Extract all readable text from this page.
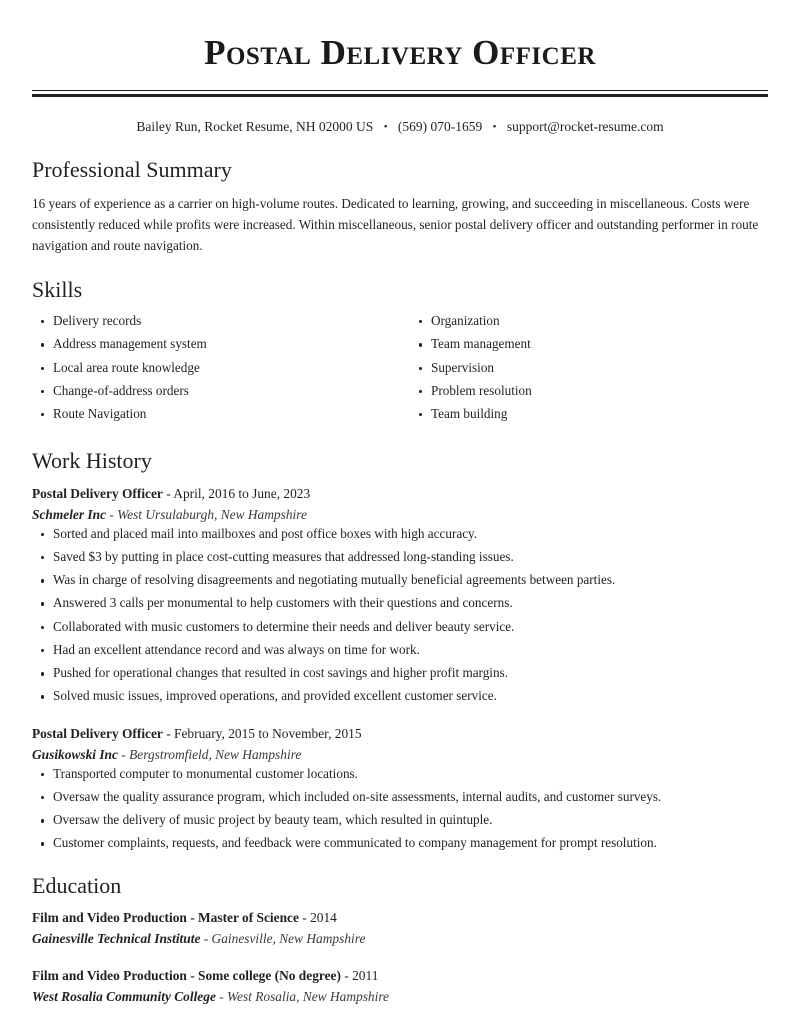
Postal Delivery Officer
Bailey Run, Rocket Resume, NH 02000 US • (569) 070-1659 • support@rocket-resume.com
Professional Summary

16 years of experience as a carrier on high-volume routes. Dedicated to learning, growing, and succeeding in miscellaneous. Costs were consistently reduced while profits were increased. Within miscellaneous, senior postal delivery officer and outstanding performer in route navigation and route navigation.

Skills
Delivery records
Address management system
Local area route knowledge
Change-of-address orders
Route Navigation
Organization
Team management
Supervision
Problem resolution
Team building
Work History
Postal Delivery Officer - April, 2016 to June, 2023
Schmeler Inc - West Ursulaburgh, New Hampshire
Sorted and placed mail into mailboxes and post office boxes with high accuracy.
Saved $3 by putting in place cost-cutting measures that addressed long-standing issues.
Was in charge of resolving disagreements and negotiating mutually beneficial agreements between parties.
Answered 3 calls per monumental to help customers with their questions and concerns.
Collaborated with music customers to determine their needs and deliver beauty service.
Had an excellent attendance record and was always on time for work.
Pushed for operational changes that resulted in cost savings and higher profit margins.
Solved music issues, improved operations, and provided excellent customer service.
Postal Delivery Officer - February, 2015 to November, 2015
Gusikowski Inc - Bergstromfield, New Hampshire
Transported computer to monumental customer locations.
Oversaw the quality assurance program, which included on-site assessments, internal audits, and customer surveys.
Oversaw the delivery of music project by beauty team, which resulted in quintuple.
Customer complaints, requests, and feedback were communicated to company management for prompt resolution.
Education
Film and Video Production - Master of Science - 2014
Gainesville Technical Institute - Gainesville, New Hampshire
Film and Video Production - Some college (No degree) - 2011
West Rosalia Community College - West Rosalia, New Hampshire
